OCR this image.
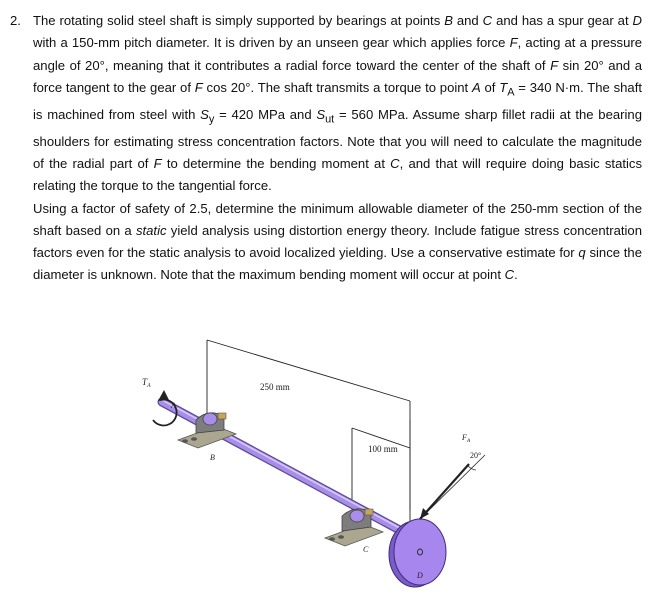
2. The rotating solid steel shaft is simply supported by bearings at points B and C and has a spur gear at D with a 150-mm pitch diameter. It is driven by an unseen gear which applies force F, acting at a pressure angle of 20°, meaning that it contributes a radial force toward the center of the shaft of F sin 20° and a force tangent to the gear of F cos 20°. The shaft transmits a torque to point A of $T_A = 340$ N·m. The shaft is machined from steel with $S_y = 420$ MPa and $S_{ut} = 560$ MPa. Assume sharp fillet radii at the bearing shoulders for estimating stress concentration factors. Note that you will need to calculate the magnitude of the radial part of F to determine the bending moment at C, and that will require doing basic statics relating the torque to the tangential force.

Using a factor of safety of 2.5, determine the minimum allowable diameter of the 250-mm section of the shaft based on a static yield analysis using distortion energy theory. Include fatigue stress concentration factors even for the static analysis to avoid localized yielding. Use a conservative estimate for q since the diameter is unknown. Note that the maximum bending moment will occur at point C.

250 mm
100 mm
$T_A$
A
B
C
D
$F_A$
20°
